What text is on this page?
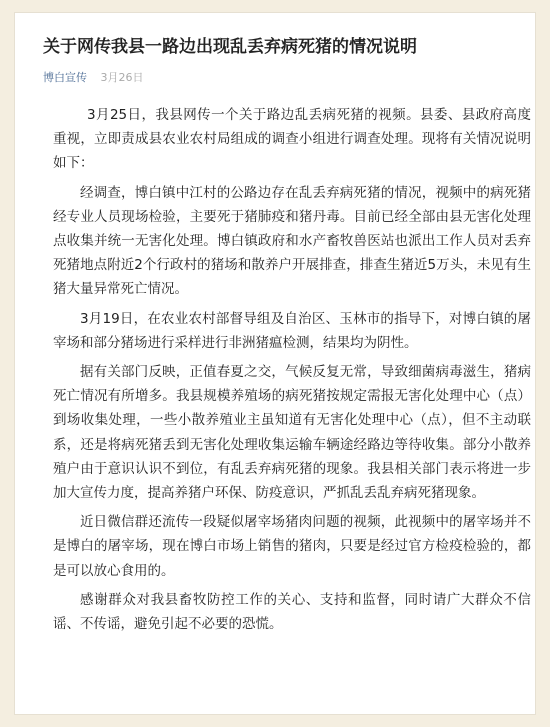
关于网传我县一路边出现乱丢弃病死猪的情况说明
博白宣传 3月26日

3月25日，我县网传一个关于路边乱丢病死猪的视频。县委、县政府高度重视，立即责成县农业农村局组成的调查小组进行调查处理。现将有关情况说明如下：

经调查，博白镇中江村的公路边存在乱丢弃病死猪的情况，视频中的病死猪经专业人员现场检验，主要死于猪肺疫和猪丹毒。目前已经全部由县无害化处理点收集并统一无害化处理。博白镇政府和水产畜牧兽医站也派出工作人员对丢弃死猪地点附近2个行政村的猪场和散养户开展排查，排查生猪近5万头，未见有生猪大量异常死亡情况。

3月19日，在农业农村部督导组及自治区、玉林市的指导下，对博白镇的屠宰场和部分猪场进行采样进行非洲猪瘟检测，结果均为阴性。

据有关部门反映，正值春夏之交，气候反复无常，导致细菌病毒滋生，猪病死亡情况有所增多。我县规模养殖场的病死猪按规定需报无害化处理中心（点）到场收集处理，一些小散养殖业主虽知道有无害化处理中心（点），但不主动联系，还是将病死猪丢到无害化处理收集运输车辆途经路边等待收集。部分小散养殖户由于意识认识不到位，有乱丢弃病死猪的现象。我县相关部门表示将进一步加大宣传力度，提高养猪户环保、防疫意识，严抓乱丢乱弃病死猪现象。

近日微信群还流传一段疑似屠宰场猪肉问题的视频，此视频中的屠宰场并不是博白的屠宰场，现在博白市场上销售的猪肉，只要是经过官方检疫检验的，都是可以放心食用的。

感谢群众对我县畜牧防控工作的关心、支持和监督，同时请广大群众不信谣、不传谣，避免引起不必要的恐慌。
